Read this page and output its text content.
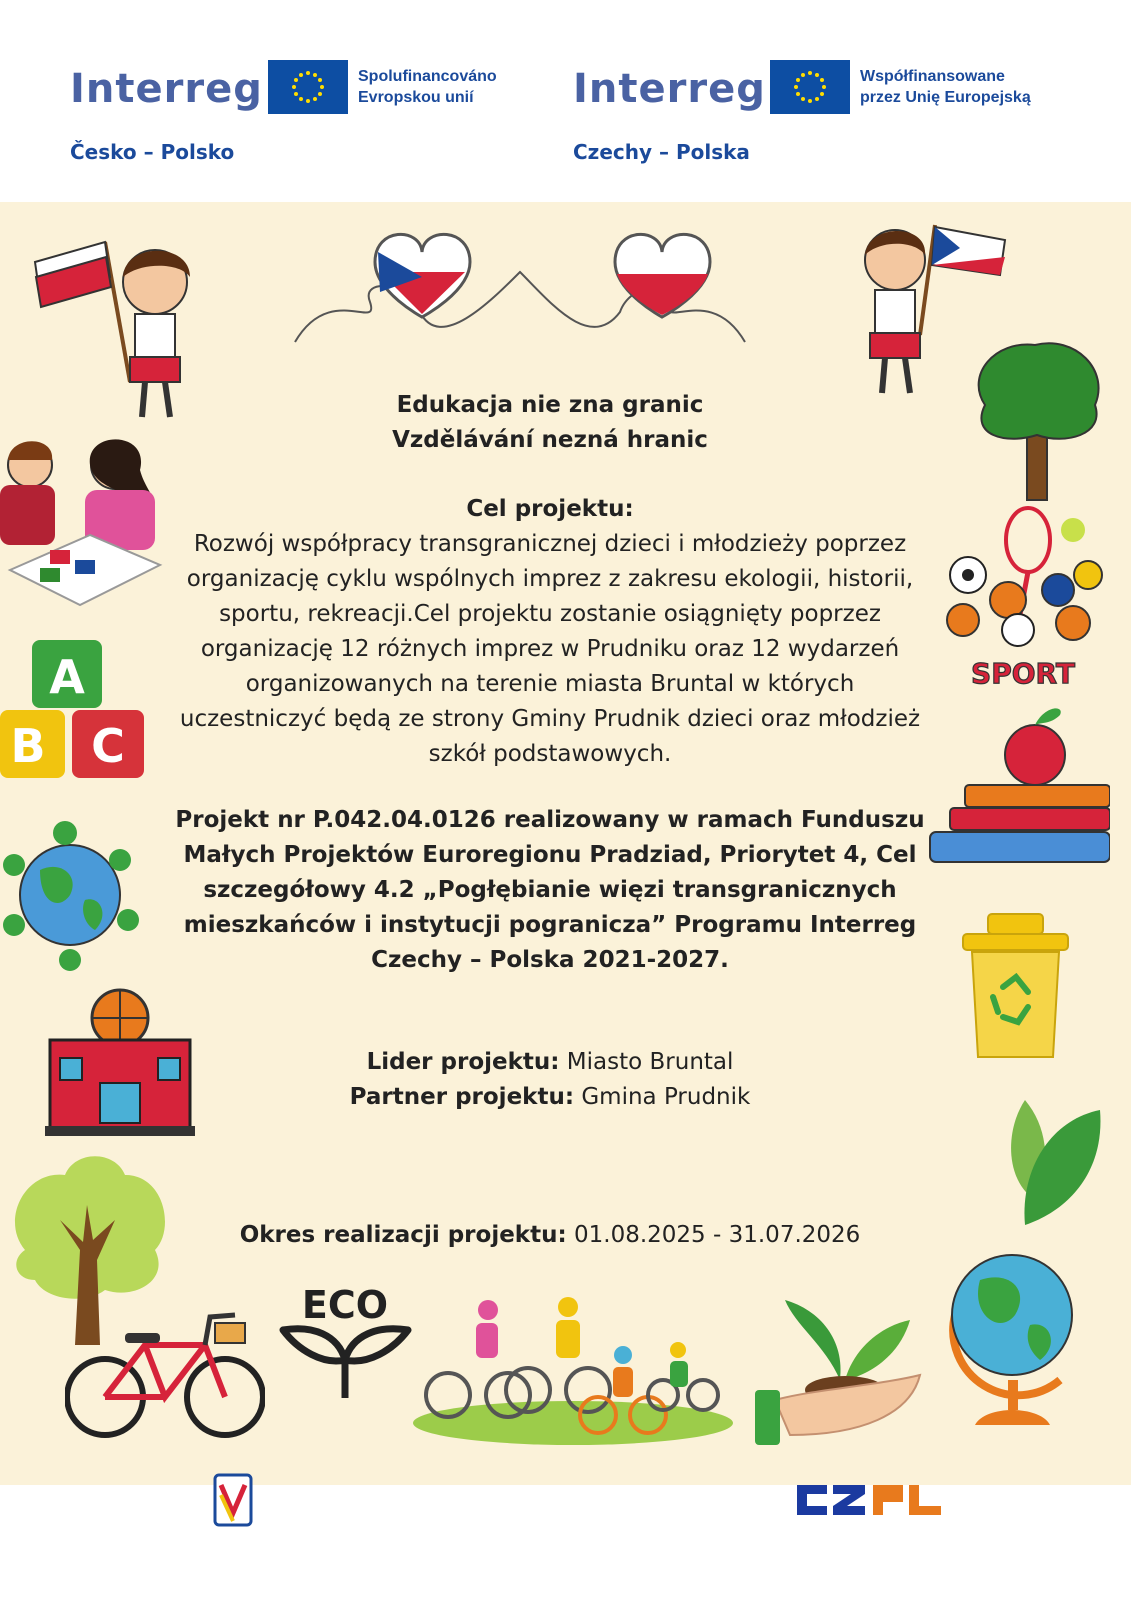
Interreg	Spolufinancováno
Evropskou unií
Česko – Polsko
Interreg	Współfinansowane
przez Unię Europejską
Czechy – Polska
SPORT
A
B C
ECO
Edukacja nie zna granic
Vzdělávání nezná hranic
Cel projektu:
Rozwój współpracy transgranicznej dzieci i młodzieży poprzez
organizację cyklu wspólnych imprez z zakresu ekologii, historii,
sportu, rekreacji.Cel projektu zostanie osiągnięty poprzez
organizację 12 różnych imprez w Prudniku oraz 12 wydarzeń
organizowanych na terenie miasta Bruntal w których
uczestniczyć będą ze strony Gminy Prudnik dzieci oraz młodzież
szkół podstawowych.
Projekt nr P.042.04.0126 realizowany w ramach Funduszu
Małych Projektów Euroregionu Pradziad, Priorytet 4, Cel
szczegółowy 4.2 „Pogłębianie więzi transgranicznych
mieszkańców i instytucji pogranicza” Programu Interreg
Czechy – Polska 2021-2027.
Lider projektu: Miasto Bruntal
Partner projektu: Gmina Prudnik
Okres realizacji projektu: 01.08.2025 - 31.07.2026
